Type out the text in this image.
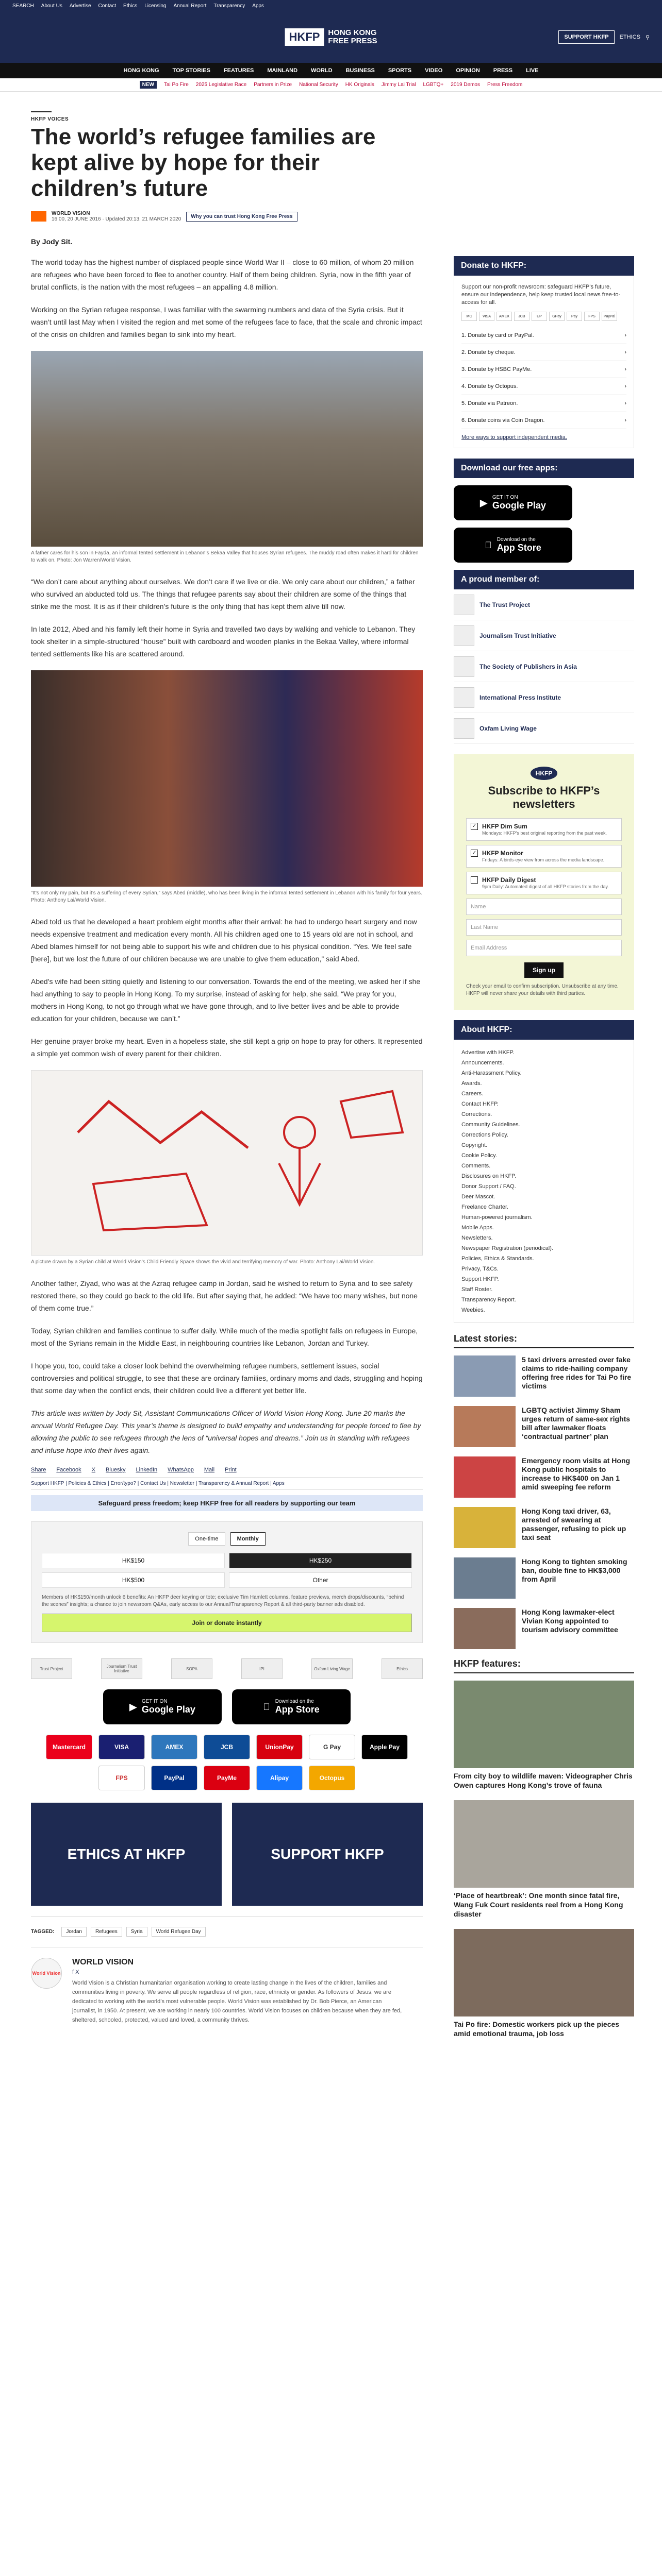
SEARCH About Us Advertise Contact Ethics Licensing Annual Report Transparency Apps
HKFP	HONG KONG
FREE PRESS	SUPPORT HKFP	ETHICS ⚲
HONG KONG TOP STORIES FEATURES MAINLAND WORLD BUSINESS SPORTS VIDEO OPINION PRESS LIVE
NEW	Tai Po Fire 2025 Legislative Race Partners in Prize National Security HK Originals Jimmy Lai Trial LGBTQ+ 2019 Demos Press Freedom
HKFP VOICES
The world’s refugee families are kept alive by hope for their children’s future
WORLD VISION
16:00, 20 JUNE 2016 · Updated 20:13, 21 MARCH 2020	Why you can trust Hong Kong Free Press
By Jody Sit.

The world today has the highest number of displaced people since World War II – close to 60 million, of whom 20 million are refugees who have been forced to flee to another country. Half of them being children. Syria, now in the fifth year of brutal conflicts, is the nation with the most refugees – an appalling 4.8 million.

Working on the Syrian refugee response, I was familiar with the swarming numbers and data of the Syria crisis. But it wasn’t until last May when I visited the region and met some of the refugees face to face, that the scale and chronic impact of the crisis on children and families began to sink into my heart.

A father cares for his son in Fayda, an informal tented settlement in Lebanon’s Bekaa Valley that houses Syrian refugees. The muddy road often makes it hard for children to walk on. Photo: Jon Warren/World Vision.

“We don’t care about anything about ourselves. We don’t care if we live or die. We only care about our children,” a father who survived an abducted told us. The things that refugee parents say about their children are some of the things that strike me the most. It is as if their children’s future is the only thing that has kept them alive till now.

In late 2012, Abed and his family left their home in Syria and travelled two days by walking and vehicle to Lebanon. They took shelter in a simple-structured “house” built with cardboard and wooden planks in the Bekaa Valley, where informal tented settlements like his are scattered around.

“It’s not only my pain, but it’s a suffering of every Syrian,” says Abed (middle), who has been living in the informal tented settlement in Lebanon with his family for four years. Photo: Anthony Lai/World Vision.

Abed told us that he developed a heart problem eight months after their arrival: he had to undergo heart surgery and now needs expensive treatment and medication every month. All his children aged one to 15 years old are not in school, and Abed blames himself for not being able to support his wife and children due to his physical condition. “Yes. We feel safe [here], but we lost the future of our children because we are unable to give them education,” said Abed.

Abed’s wife had been sitting quietly and listening to our conversation. Towards the end of the meeting, we asked her if she had anything to say to people in Hong Kong. To my surprise, instead of asking for help, she said, “We pray for you, mothers in Hong Kong, to not go through what we have gone through, and to live better lives and be able to provide education for your children, because we can’t.”

Her genuine prayer broke my heart. Even in a hopeless state, she still kept a grip on hope to pray for others. It represented a simple yet common wish of every parent for their children.

A picture drawn by a Syrian child at World Vision’s Child Friendly Space shows the vivid and terrifying memory of war. Photo: Anthony Lai/World Vision.

Another father, Ziyad, who was at the Azraq refugee camp in Jordan, said he wished to return to Syria and to see safety restored there, so they could go back to the old life. But after saying that, he added: “We have too many wishes, but none of them come true.”

Today, Syrian children and families continue to suffer daily. While much of the media spotlight falls on refugees in Europe, most of the Syrians remain in the Middle East, in neighbouring countries like Lebanon, Jordan and Turkey.

I hope you, too, could take a closer look behind the overwhelming refugee numbers, settlement issues, social controversies and political struggle, to see that these are ordinary families, ordinary moms and dads, struggling and hoping that some day when the conflict ends, their children could live a different yet better life.

This article was written by Jody Sit, Assistant Communications Officer of World Vision Hong Kong. June 20 marks the annual World Refugee Day. This year’s theme is designed to build empathy and understanding for people forced to flee by allowing the public to see refugees through the lens of “universal hopes and dreams.” Join us in standing with refugees and infuse hope into their lives again.

Share Facebook X Bluesky LinkedIn WhatsApp Mail Print
Support HKFP | Policies & Ethics | Error/typo? | Contact Us | Newsletter | Transparency & Annual Report | Apps
Safeguard press freedom; keep HKFP free for all readers by supporting our team
One-time	Monthly
HK$150	HK$250
HK$500	Other
Members of HK$150/month unlock 6 benefits: An HKFP deer keyring or tote; exclusive Tim Hamlett columns, feature previews, merch drops/discounts, “behind the scenes” insights; a chance to join newsroom Q&As, early access to our Annual/Transparency Report & all third-party banner ads disabled.
Join or donate instantly
Trust Project	Journalism Trust Initiative	SOPA	IPI	Oxfam Living Wage	Ethics
▶ GET IT ON
Google Play
Download on the
App Store
Mastercard	VISA	AMEX	JCB	UnionPay	G Pay	Apple Pay
FPS	PayPal	PayMe	Alipay	Octopus
ETHICS AT HKFP	SUPPORT HKFP
TAGGED:	Jordan	Refugees	Syria	World Refugee Day
World Vision
WORLD VISION
f X

World Vision is a Christian humanitarian organisation working to create lasting change in the lives of the children, families and communities living in poverty. We serve all people regardless of religion, race, ethnicity or gender. As followers of Jesus, we are dedicated to working with the world’s most vulnerable people. World Vision was established by Dr. Bob Pierce, an American journalist, in 1950. At present, we are working in nearly 100 countries. World Vision focuses on children because when they are fed, sheltered, schooled, protected, valued and loved, a community thrives.

Donate to HKFP:
Support our non-profit newsroom: safeguard HKFP’s future, ensure our independence, help keep trusted local news free-to-access for all.
MC	VISA	AMEX	JCB	UP	GPay	Pay	FPS	PayPal
1. Donate by card or PayPal.	›
2. Donate by cheque.	›
3. Donate by HSBC PayMe.	›
4. Donate by Octopus.	›
5. Donate via Patreon.	›
6. Donate coins via Coin Dragon.	›
More ways to support independent media.
Download our free apps:
▶ GET IT ON
Google Play
Download on the
App Store
A proud member of:
The Trust Project
Journalism Trust Initiative
The Society of Publishers in Asia
International Press Institute
Oxfam Living Wage
HKFP
Subscribe to HKFP’s newsletters
✓ HKFP Dim Sum
Mondays: HKFP’s best original reporting from the past week.
✓ HKFP Monitor
Fridays: A birds-eye view from across the media landscape.
HKFP Daily Digest
9pm Daily: Automated digest of all HKFP stories from the day.
Name
Last Name
Email Address
Sign up
Check your email to confirm subscription. Unsubscribe at any time. HKFP will never share your details with third parties.
About HKFP:
Advertise with HKFP.
Announcements.
Anti-Harassment Policy.
Awards.
Careers.
Contact HKFP.
Corrections.
Community Guidelines.
Corrections Policy.
Copyright.
Cookie Policy.
Comments.
Disclosures on HKFP.
Donor Support / FAQ.
Deer Mascot.
Freelance Charter.
Human-powered journalism.
Mobile Apps.
Newsletters.
Newspaper Registration (periodical).
Policies, Ethics & Standards.
Privacy, T&Cs.
Support HKFP.
Staff Roster.
Transparency Report.
Weebies.
Latest stories:
5 taxi drivers arrested over fake claims to ride-hailing company offering free rides for Tai Po fire victims
LGBTQ activist Jimmy Sham urges return of same-sex rights bill after lawmaker floats ‘contractual partner’ plan
Emergency room visits at Hong Kong public hospitals to increase to HK$400 on Jan 1 amid sweeping fee reform
Hong Kong taxi driver, 63, arrested of swearing at passenger, refusing to pick up taxi seat
Hong Kong to tighten smoking ban, double fine to HK$3,000 from April
Hong Kong lawmaker-elect Vivian Kong appointed to tourism advisory committee
HKFP features:
From city boy to wildlife maven: Videographer Chris Owen captures Hong Kong’s trove of fauna
‘Place of heartbreak’: One month since fatal fire, Wang Fuk Court residents reel from a Hong Kong disaster
Tai Po fire: Domestic workers pick up the pieces amid emotional trauma, job loss
